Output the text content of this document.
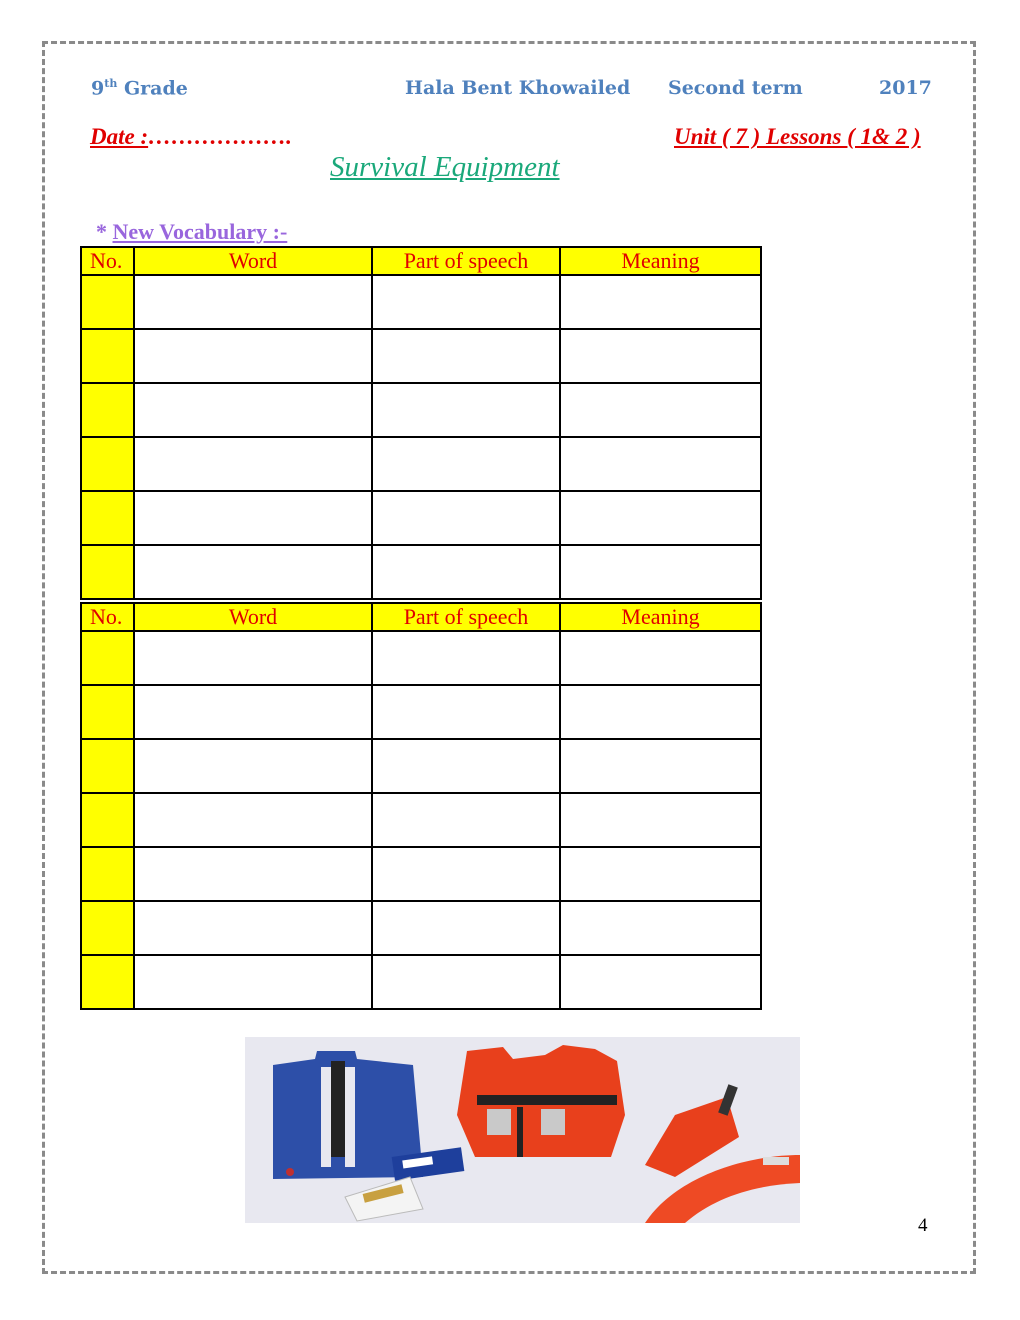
9th Grade	Hala Bent Khowailed Second term	2017
Date :……………….	Unit ( 7 ) Lessons ( 1& 2 )
Survival Equipment
* New Vocabulary :-
No.	Word	Part of speech	Meaning

No.	Word	Part of speech	Meaning

4
